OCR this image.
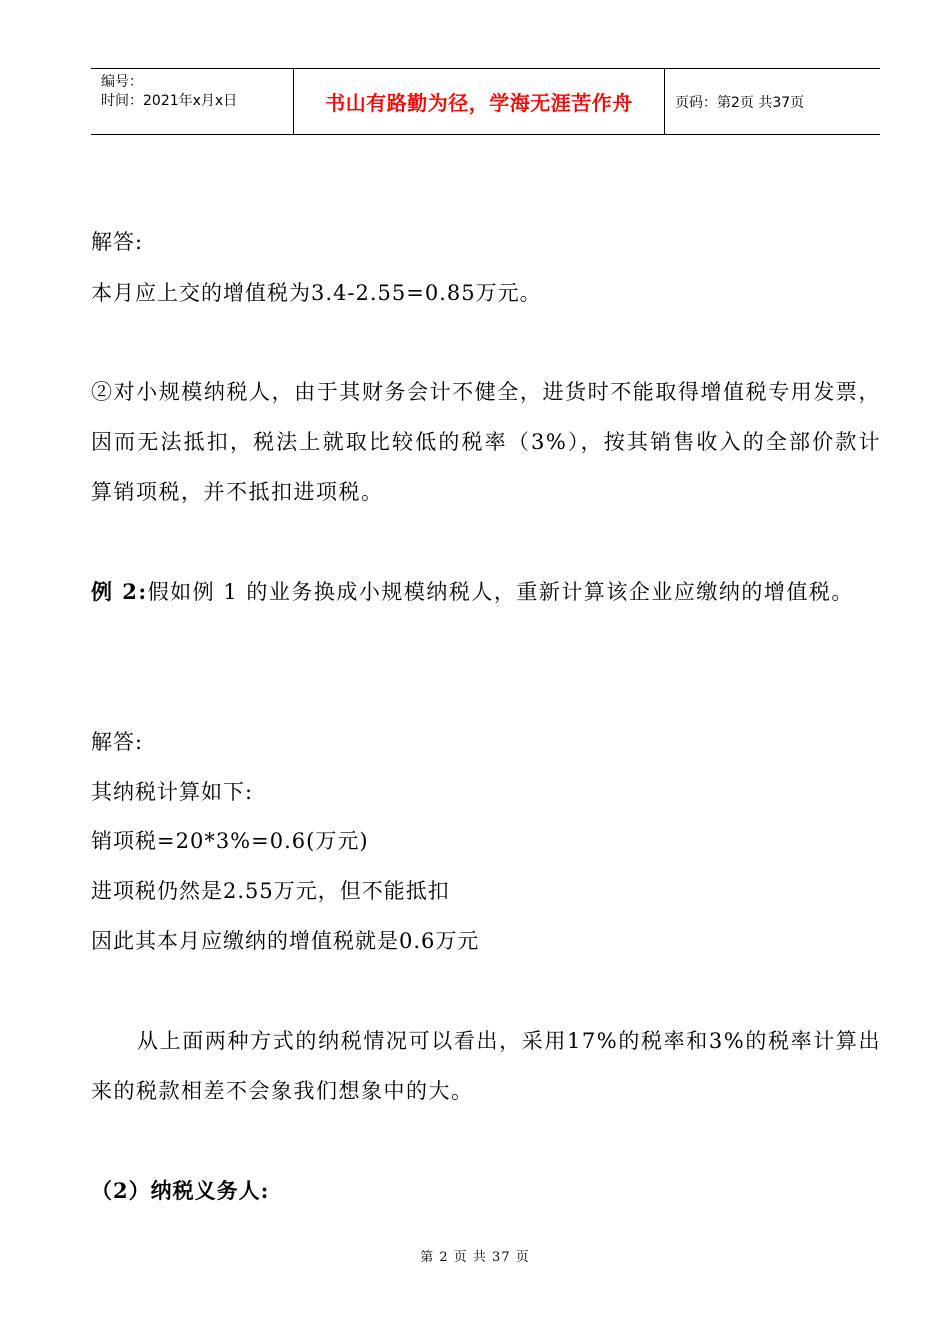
编号：
时间：2021年x月x日	书山有路勤为径，学海无涯苦作舟	页码：第2页 共37页
解答:
本月应上交的增值税为3.4-2.55=0.85万元。
②对小规模纳税人，由于其财务会计不健全，进货时不能取得增值税专用发票，因而无法抵扣，税法上就取比较低的税率（3%），按其销售收入的全部价款计算销项税，并不抵扣进项税。
例 2:假如例 1 的业务换成小规模纳税人，重新计算该企业应缴纳的增值税。
解答:
其纳税计算如下:
销项税=20*3%=0.6(万元)
进项税仍然是2.55万元，但不能抵扣
因此其本月应缴纳的增值税就是0.6万元
从上面两种方式的纳税情况可以看出，采用17%的税率和3%的税率计算出来的税款相差不会象我们想象中的大。
（2）纳税义务人:
第 2 页 共 37 页
